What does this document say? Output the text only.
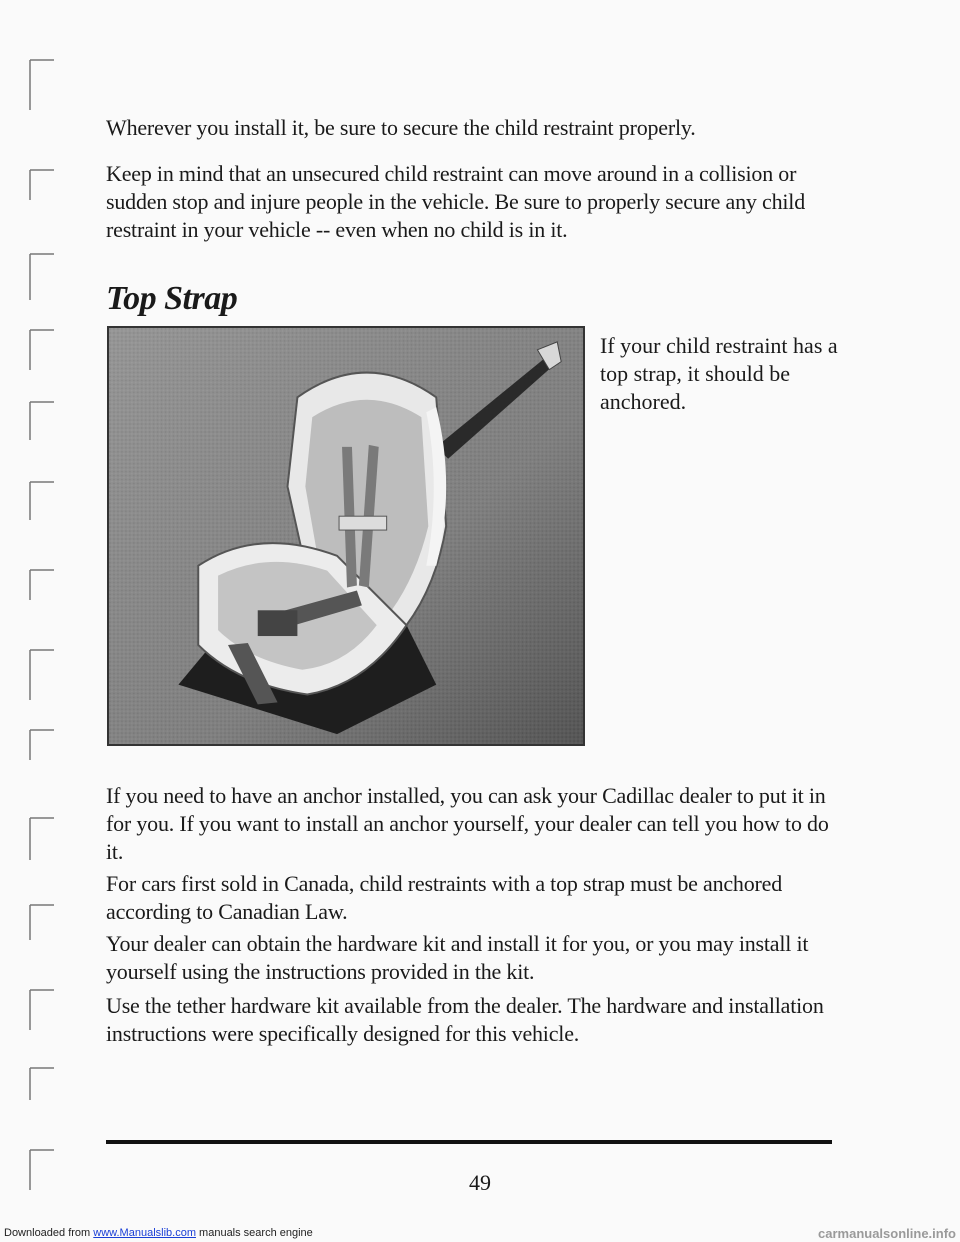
Wherever you install it, be sure to secure the child restraint properly.

Keep in mind that an unsecured child restraint can move around in a collision or sudden stop and injure people in the vehicle. Be sure to properly secure any child restraint in your vehicle -- even when no child is in it.

Top Strap

If your child restraint has a top strap, it should be anchored.

If you need to have an anchor installed, you can ask your Cadillac dealer to put it in for you. If you want to install an anchor yourself, your dealer can tell you how to do it.

For cars first sold in Canada, child restraints with a top strap must be anchored according to Canadian Law.

Your dealer can obtain the hardware kit and install it for you, or you may install it yourself using the instructions provided in the kit.

Use the tether hardware kit available from the dealer. The hardware and installation instructions were specifically designed for this vehicle.

49
Downloaded from www.Manualslib.com manuals search engine	carmanualsonline.info
